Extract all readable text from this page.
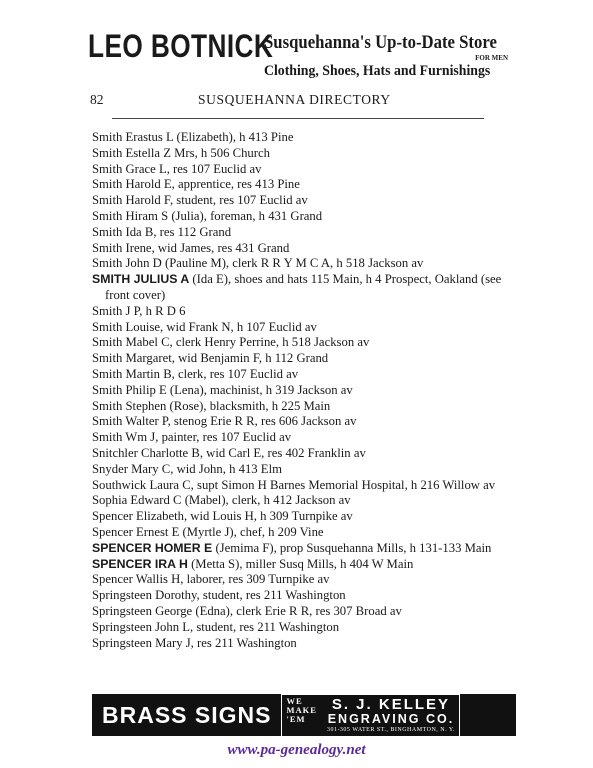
LEO BOTNICK
Susquehanna's Up-to-Date Store
FOR MEN
Clothing, Shoes, Hats and Furnishings
82	SUSQUEHANNA DIRECTORY
Smith Erastus L (Elizabeth), h 413 Pine
Smith Estella Z Mrs, h 506 Church
Smith Grace L, res 107 Euclid av
Smith Harold E, apprentice, res 413 Pine
Smith Harold F, student, res 107 Euclid av
Smith Hiram S (Julia), foreman, h 431 Grand
Smith Ida B, res 112 Grand
Smith Irene, wid James, res 431 Grand
Smith John D (Pauline M), clerk R R Y M C A, h 518 Jackson av
SMITH JULIUS A (Ida E), shoes and hats 115 Main, h 4 Prospect, Oakland (see front cover)
Smith J P, h R D 6
Smith Louise, wid Frank N, h 107 Euclid av
Smith Mabel C, clerk Henry Perrine, h 518 Jackson av
Smith Margaret, wid Benjamin F, h 112 Grand
Smith Martin B, clerk, res 107 Euclid av
Smith Philip E (Lena), machinist, h 319 Jackson av
Smith Stephen (Rose), blacksmith, h 225 Main
Smith Walter P, stenog Erie R R, res 606 Jackson av
Smith Wm J, painter, res 107 Euclid av
Snitchler Charlotte B, wid Carl E, res 402 Franklin av
Snyder Mary C, wid John, h 413 Elm
Southwick Laura C, supt Simon H Barnes Memorial Hospital, h 216 Willow av
Sophia Edward C (Mabel), clerk, h 412 Jackson av
Spencer Elizabeth, wid Louis H, h 309 Turnpike av
Spencer Ernest E (Myrtle J), chef, h 209 Vine
SPENCER HOMER E (Jemima F), prop Susquehanna Mills, h 131-133 Main
SPENCER IRA H (Metta S), miller Susq Mills, h 404 W Main
Spencer Wallis H, laborer, res 309 Turnpike av
Springsteen Dorothy, student, res 211 Washington
Springsteen George (Edna), clerk Erie R R, res 307 Broad av
Springsteen John L, student, res 211 Washington
Springsteen Mary J, res 211 Washington
BRASS SIGNS
WE
MAKE
'EM
S. J. KELLEY
ENGRAVING CO.
301-305 WATER ST., BINGHAMTON, N. Y.
www.pa-genealogy.net
